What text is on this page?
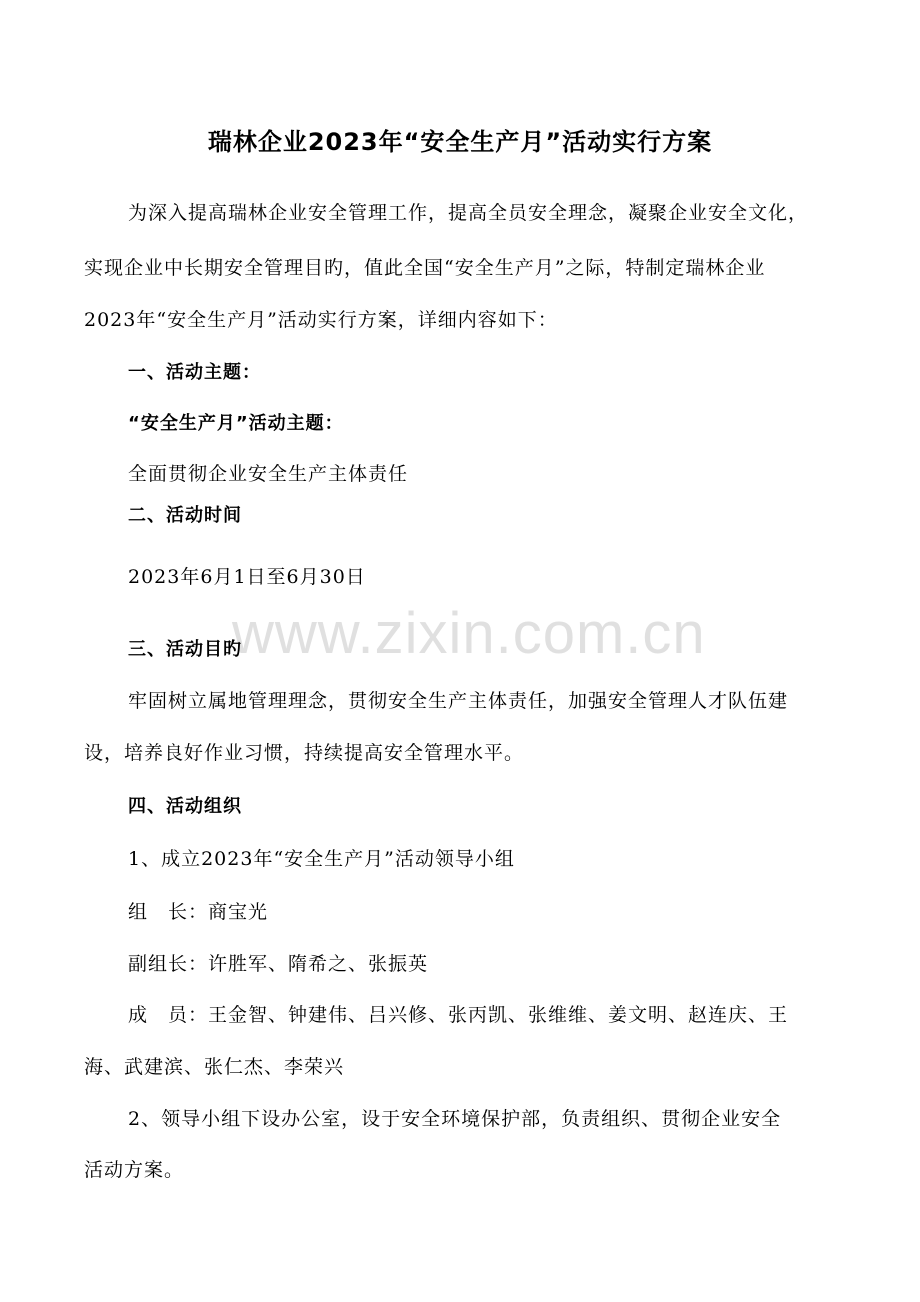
瑞林企业2023年“安全生产月”活动实行方案
为深入提高瑞林企业安全管理工作，提高全员安全理念，凝聚企业安全文化，
实现企业中长期安全管理目旳，值此全国“安全生产月”之际，特制定瑞林企业
2023年“安全生产月”活动实行方案，详细内容如下：
一、活动主题：
“安全生产月”活动主题：
全面贯彻企业安全生产主体责任
二、活动时间
2023年6月1日至6月30日
www.zixin.com.cn
三、活动目旳
牢固树立属地管理理念，贯彻安全生产主体责任，加强安全管理人才队伍建
设，培养良好作业习惯，持续提高安全管理水平。
四、活动组织
1、成立2023年“安全生产月”活动领导小组
组　长：商宝光
副组长：许胜军、隋希之、张振英
成　员：王金智、钟建伟、吕兴修、张丙凯、张维维、姜文明、赵连庆、王
海、武建滨、张仁杰、李荣兴
2、领导小组下设办公室，设于安全环境保护部，负责组织、贯彻企业安全
活动方案。
